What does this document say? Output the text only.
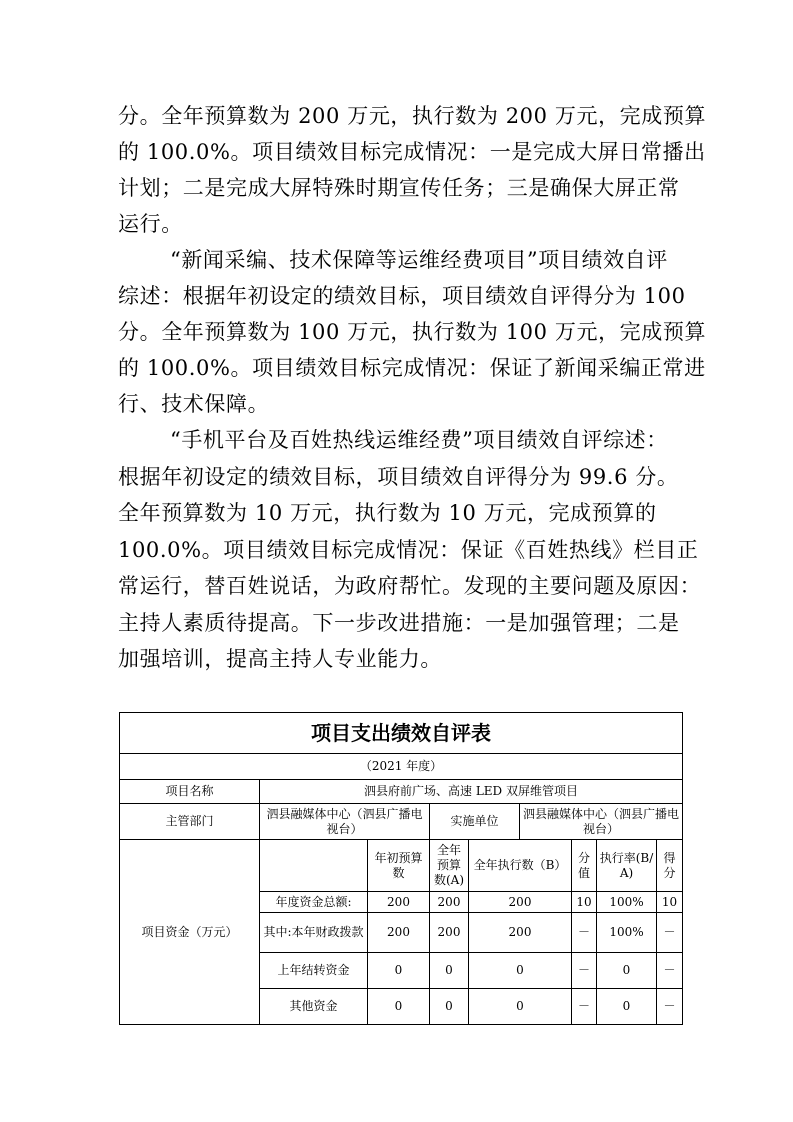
分。全年预算数为 200 万元，执行数为 200 万元，完成预算
的 100.0%。项目绩效目标完成情况：一是完成大屏日常播出
计划；二是完成大屏特殊时期宣传任务；三是确保大屏正常
运行。
“新闻采编、技术保障等运维经费项目”项目绩效自评
综述：根据年初设定的绩效目标，项目绩效自评得分为 100
分。全年预算数为 100 万元，执行数为 100 万元，完成预算
的 100.0%。项目绩效目标完成情况：保证了新闻采编正常进
行、技术保障。
“手机平台及百姓热线运维经费”项目绩效自评综述：
根据年初设定的绩效目标，项目绩效自评得分为 99.6 分。
全年预算数为 10 万元，执行数为 10 万元，完成预算的
100.0%。项目绩效目标完成情况：保证《百姓热线》栏目正
常运行，替百姓说话，为政府帮忙。发现的主要问题及原因：
主持人素质待提高。下一步改进措施：一是加强管理；二是
加强培训，提高主持人专业能力。
项目支出绩效自评表								
（2021 年度）								
项目名称	泗县府前广场、高速 LED 双屏维管项目							
主管部门	泗县融媒体中心（泗县广播电视台）		实施单位		泗县融媒体中心（泗县广播电视台）			
项目资金（万元）		年初预算数	全年预算数(A)	全年执行数（B）		分值	执行率(B/A)	得分
	年度资金总额:	200	200	200		10	100%	10
	其中:本年财政拨款	200	200	200		－	100%	－
	上年结转资金	0	0	0		－	0	－
	其他资金	0	0	0		－	0	－
